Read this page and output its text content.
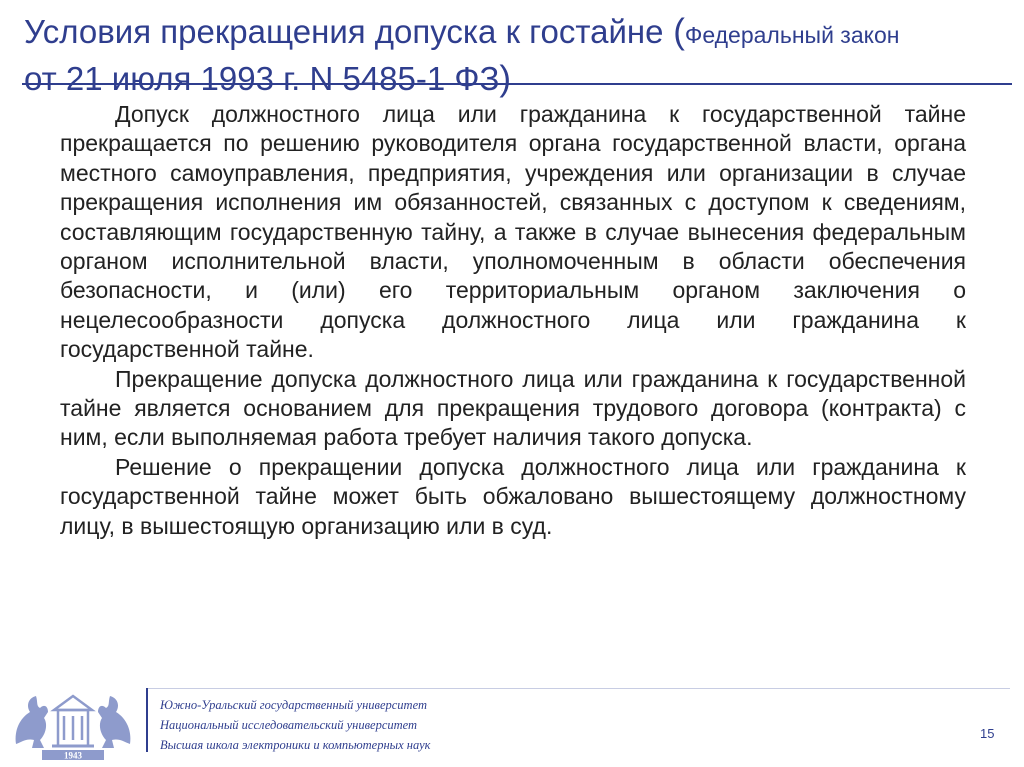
Условия прекращения допуска к гостайне (Федеральный закон
от 21 июля 1993 г. N 5485-1 ФЗ)

Допуск должностного лица или гражданина к государственной тайне прекращается по решению руководителя органа государственной власти, органа местного самоуправления, предприятия, учреждения или организации в случае прекращения исполнения им обязанностей, связанных с доступом к сведениям, составляющим государственную тайну, а также в случае вынесения федеральным органом исполнительной власти, уполномоченным в области обеспечения безопасности, и (или) его территориальным органом заключения о нецелесообразности допуска должностного лица или гражданина к государственной тайне.

Прекращение допуска должностного лица или гражданина к государственной тайне является основанием для прекращения трудового договора (контракта) с ним, если выполняемая работа требует наличия такого допуска.

Решение о прекращении допуска должностного лица или гражданина к государственной тайне может быть обжаловано вышестоящему должностному лицу, в вышестоящую организацию или в суд.

1943
Южно-Уральский государственный университет
Национальный исследовательский университет
Высшая школа электроники и компьютерных наук
15
